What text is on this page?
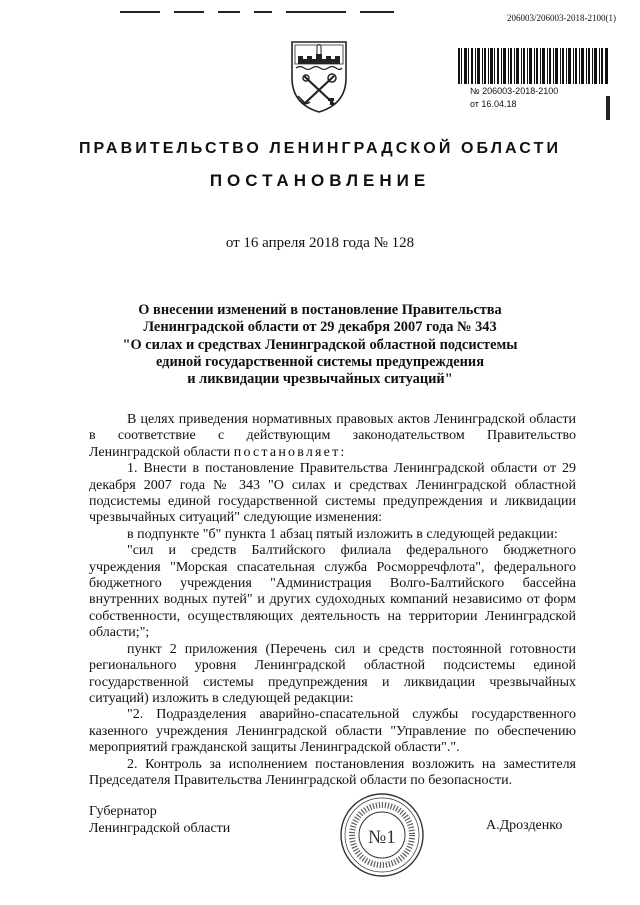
206003/206003-2018-2100(1)
№ 206003-2018-2100
от 16.04.18
ПРАВИТЕЛЬСТВО ЛЕНИНГРАДСКОЙ ОБЛАСТИ
ПОСТАНОВЛЕНИЕ
от 16 апреля 2018 года № 128
О внесении изменений в постановление Правительства
Ленинградской области от 29 декабря 2007 года № 343
"О силах и средствах Ленинградской областной подсистемы
единой государственной системы предупреждения
и ликвидации чрезвычайных ситуаций"

В целях приведения нормативных правовых актов Ленинградской области в соответствие с действующим законодательством Правительство Ленинградской области постановляет:

1. Внести в постановление Правительства Ленинградской области от 29 декабря 2007 года № 343 "О силах и средствах Ленинградской областной подсистемы единой государственной системы предупреждения и ликвидации чрезвычайных ситуаций" следующие изменения:

в подпункте "б" пункта 1 абзац пятый изложить в следующей редакции:

"сил и средств Балтийского филиала федерального бюджетного учреждения "Морская спасательная служба Росморречфлота", федерального бюджетного учреждения "Администрация Волго-Балтийского бассейна внутренних водных путей" и других судоходных компаний независимо от форм собственности, осуществляющих деятельность на территории Ленинградской области;";

пункт 2 приложения (Перечень сил и средств постоянной готовности регионального уровня Ленинградской областной подсистемы единой государственной системы предупреждения и ликвидации чрезвычайных ситуаций) изложить в следующей редакции:

"2. Подразделения аварийно-спасательной службы государственного казенного учреждения Ленинградской области "Управление по обеспечению мероприятий гражданской защиты Ленинградской области".".

2. Контроль за исполнением постановления возложить на заместителя Председателя Правительства Ленинградской области по безопасности.

Губернатор
Ленинградской области	А.Дрозденко
№1
